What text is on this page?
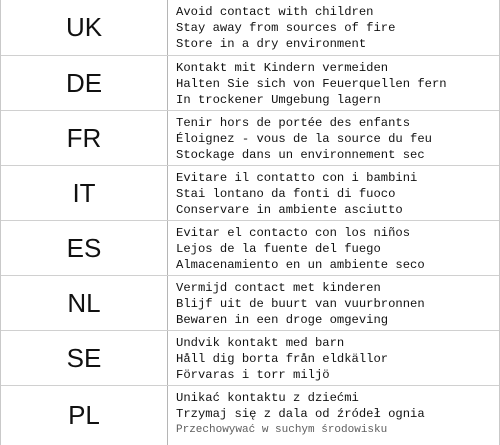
UK	Avoid contact with children
Stay away from sources of fire
Store in a dry environment
DE	Kontakt mit Kindern vermeiden
Halten Sie sich von Feuerquellen fern
In trockener Umgebung lagern
FR	Tenir hors de portée des enfants
Éloignez - vous de la source du feu
Stockage dans un environnement sec
IT	Evitare il contatto con i bambini
Stai lontano da fonti di fuoco
Conservare in ambiente asciutto
ES	Evitar el contacto con los niños
Lejos de la fuente del fuego
Almacenamiento en un ambiente seco
NL	Vermijd contact met kinderen
Blijf uit de buurt van vuurbronnen
Bewaren in een droge omgeving
SE	Undvik kontakt med barn
Håll dig borta från eldkällor
Förvaras i torr miljö
PL
Unikać kontaktu z dziećmi
Trzymaj się z dala od źródeł ognia
Przechowywać w suchym środowisku
